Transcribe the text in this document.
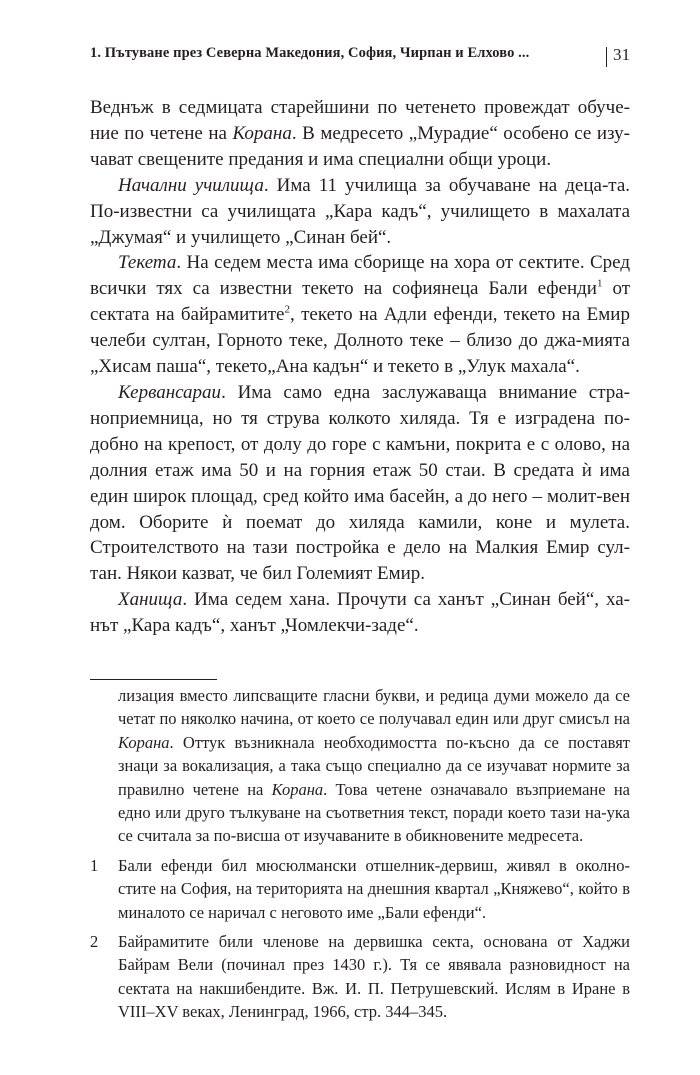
1. Пътуване през Северна Македония, София, Чирпан и Елхово ...	31

Веднъж в седмицата старейшини по четенето провеждат обуче-ние по четене на Корана. В медресето „Мурадие“ особено се изу-чават свещените предания и има специални общи уроци.

Начални училища. Има 11 училища за обучаване на деца-та. По-известни са училищата „Кара кадъ“, училището в махалата „Джумая“ и училището „Синан бей“.

Текета. На седем места има сборище на хора от сектите. Сред всички тях са известни текето на софиянеца Бали ефенди$^1$ от сектата на байрамитите$^2$, текето на Адли ефенди, текето на Емир челеби султан, Горното теке, Долното теке – близо до джа-мията „Хисам паша“, текето„Ана кадън“ и текето в „Улук махала“.

Кервансараи. Има само една заслужаваща внимание стра-ноприемница, но тя струва колкото хиляда. Тя е изградена по-добно на крепост, от долу до горе с камъни, покрита е с олово, на долния етаж има 50 и на горния етаж 50 стаи. В средата ѝ има един широк площад, сред който има басейн, а до него – молит-вен дом. Оборите ѝ поемат до хиляда камили, коне и мулета. Строителството на тази постройка е дело на Малкия Емир сул-тан. Някои казват, че бил Големият Емир.

Ханища. Има седем хана. Прочути са ханът „Синан бей“, ха-нът „Кара кадъ“, ханът „Чомлекчи-заде“.

лизация вместо липсващите гласни букви, и редица думи можело да се четат по няколко начина, от което се получавал един или друг смисъл на Корана. Оттук възникнала необходимостта по-късно да се поставят знаци за вокализация, а така също специално да се изучават нормите за правилно четене на Корана. Това четене означавало възприемане на едно или друго тълкуване на съответния текст, поради което тази на-ука се считала за по-висша от изучаваните в обикновените медресета.

1 Бали ефенди бил мюсюлмански отшелник-дервиш, живял в околно-стите на София, на територията на днешния квартал „Княжево“, който в миналото се наричал с неговото име „Бали ефенди“.

2 Байрамитите били членове на дервишка секта, основана от Хаджи Байрам Вели (починал през 1430 г.). Тя се явявала разновидност на сектата на накшибендите. Вж. И. П. Петрушевский. Ислям в Иране в VIII–XV веках, Ленинград, 1966, стр. 344–345.
